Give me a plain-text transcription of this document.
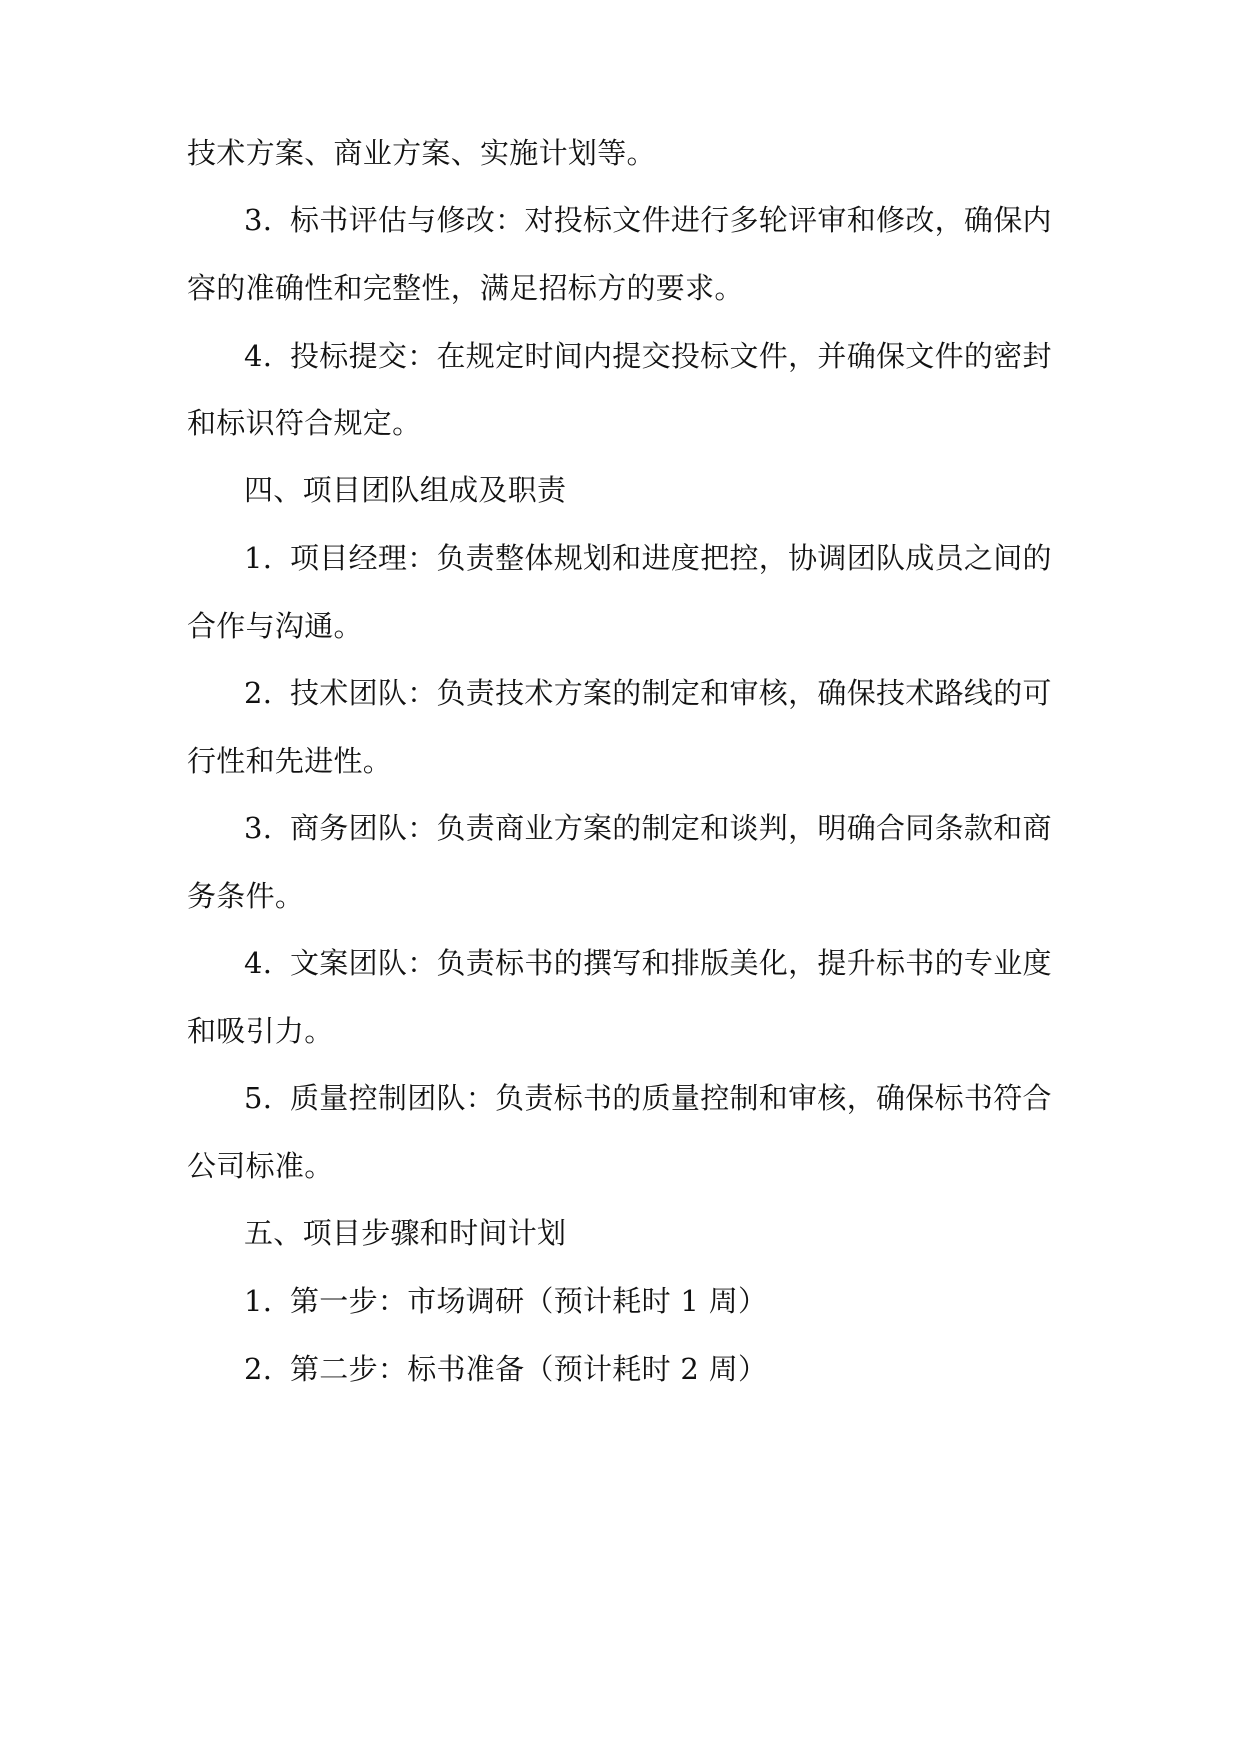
技术方案、商业方案、实施计划等。
3. 标书评估与修改：对投标文件进行多轮评审和修改，确保内
容的准确性和完整性，满足招标方的要求。
4. 投标提交：在规定时间内提交投标文件，并确保文件的密封
和标识符合规定。
四、项目团队组成及职责
1. 项目经理：负责整体规划和进度把控，协调团队成员之间的
合作与沟通。
2. 技术团队：负责技术方案的制定和审核，确保技术路线的可
行性和先进性。
3. 商务团队：负责商业方案的制定和谈判，明确合同条款和商
务条件。
4. 文案团队：负责标书的撰写和排版美化，提升标书的专业度
和吸引力。
5. 质量控制团队：负责标书的质量控制和审核，确保标书符合
公司标准。
五、项目步骤和时间计划
1. 第一步：市场调研（预计耗时 1 周）
2. 第二步：标书准备（预计耗时 2 周）
